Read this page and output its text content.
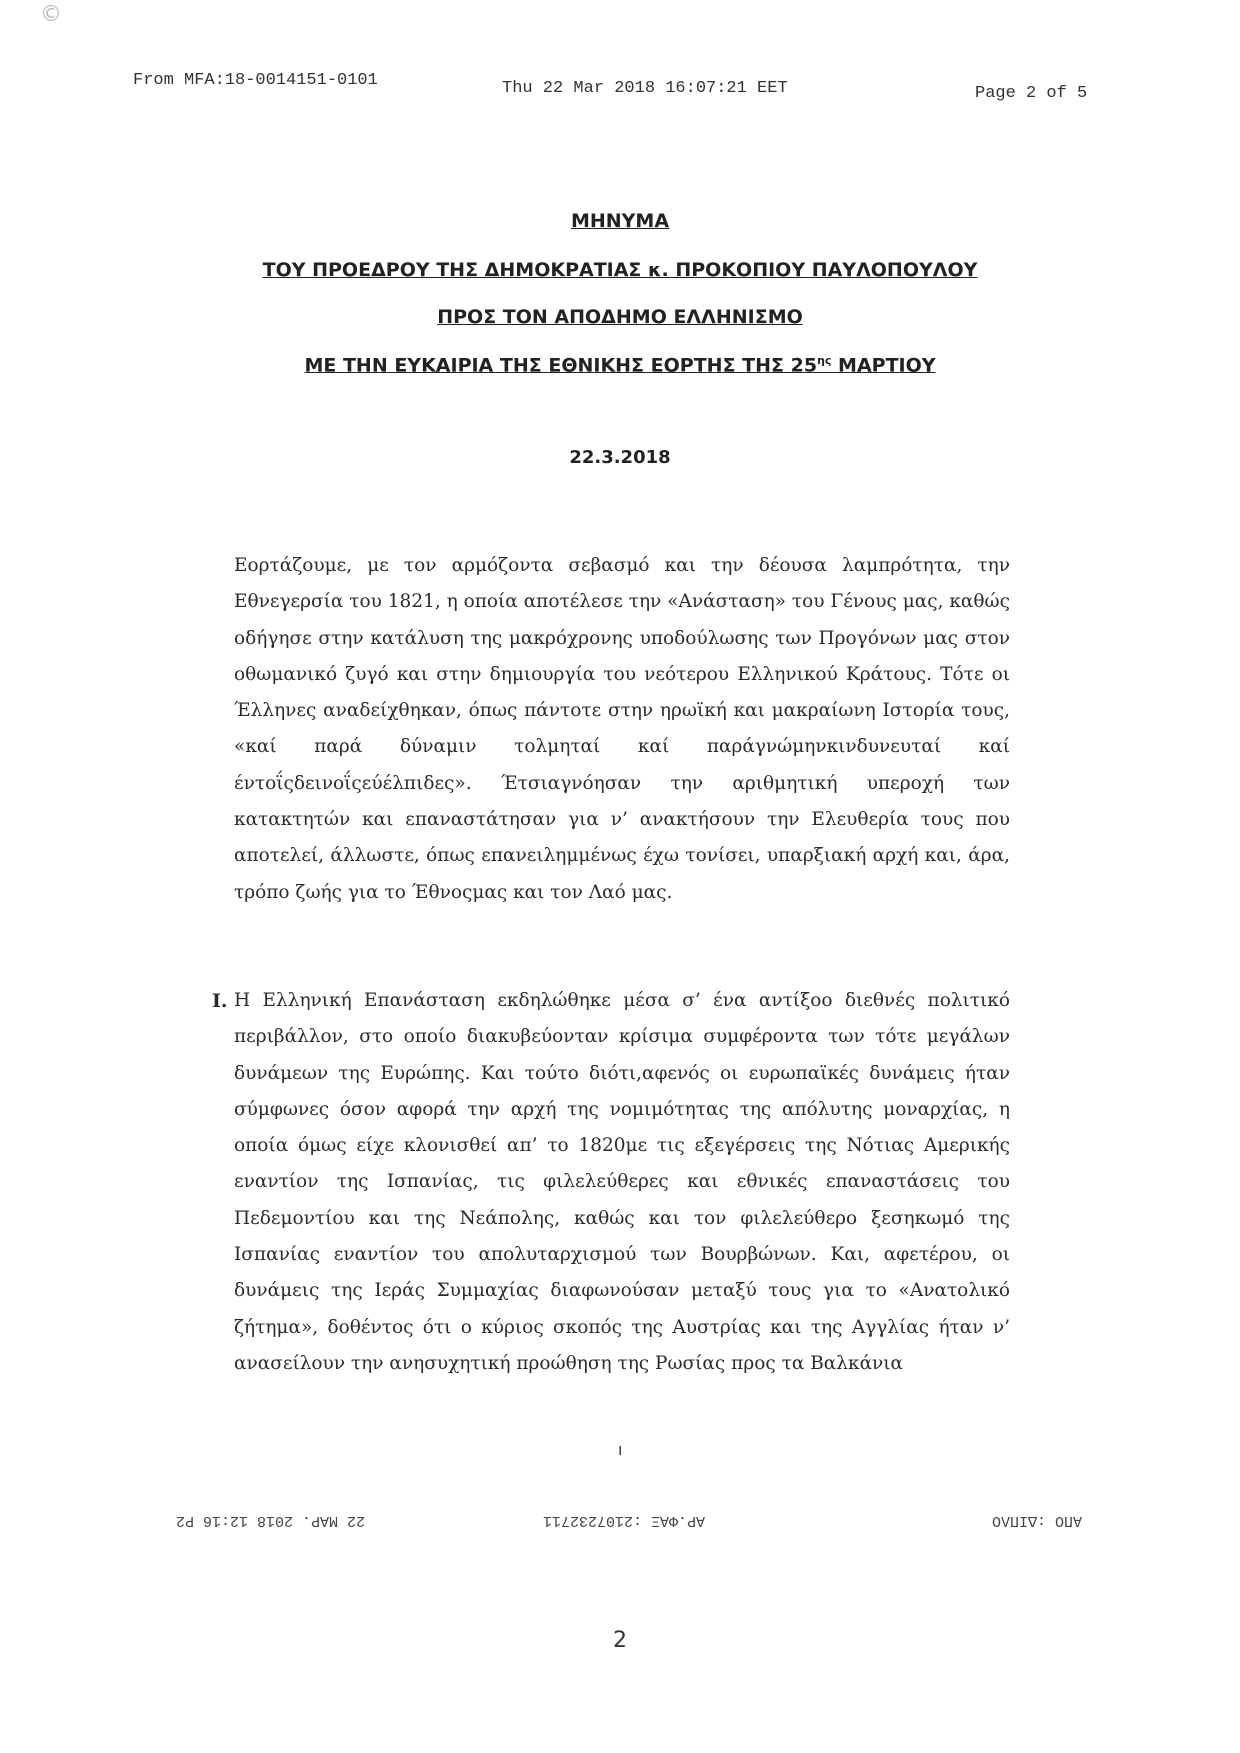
©
From MFA:18-0014151-0101	Thu 22 Mar 2018 16:07:21 EET	Page 2 of 5
ΜΗΝΥΜΑ
ΤΟΥ ΠΡΟΕΔΡΟΥ ΤΗΣ ΔΗΜΟΚΡΑΤΙΑΣ κ. ΠΡΟΚΟΠΙΟΥ ΠΑΥΛΟΠΟΥΛΟΥ
ΠΡΟΣ ΤΟΝ ΑΠΟΔΗΜΟ ΕΛΛΗΝΙΣΜΟ
ΜΕ ΤΗΝ ΕΥΚΑΙΡΙΑ ΤΗΣ ΕΘΝΙΚΗΣ ΕΟΡΤΗΣ ΤΗΣ $25^{\eta\varsigma}$ ΜΑΡΤΙΟΥ
22.3.2018

Εορτάζουμε, με τον αρμόζοντα σεβασμό και την δέουσα λαμπρότητα, την Εθνεγερσία του 1821, η οποία αποτέλεσε την «Ανάσταση» του Γένους μας, καθώς οδήγησε στην κατάλυση της μακρόχρονης υποδούλωσης των Προγόνων μας στον οθωμανικό ζυγό και στην δημιουργία του νεότερου Ελληνικού Κράτους. Τότε οι Έλληνες αναδείχθηκαν, όπως πάντοτε στην ηρωϊκή και μακραίωνη Ιστορία τους, «καί παρά δύναμιν τολμηταί καί παράγνώμηνκινδυνευταί καί έντοΐςδεινοΐςεύέλπιδες». Έτσιαγνόησαν την αριθμητική υπεροχή των κατακτητών και επαναστάτησαν για ν’ ανακτήσουν την Ελευθερία τους που αποτελεί, άλλωστε, όπως επανειλημμένως έχω τονίσει, υπαρξιακή αρχή και, άρα, τρόπο ζωής για το Έθνοςμας και τον Λαό μας.

I. Η Ελληνική Επανάσταση εκδηλώθηκε μέσα σ’ ένα αντίξοο διεθνές πολιτικό περιβάλλον, στο οποίο διακυβεύονταν κρίσιμα συμφέροντα των τότε μεγάλων δυνάμεων της Ευρώπης. Και τούτο διότι,αφενός οι ευρωπαϊκές δυνάμεις ήταν σύμφωνες όσον αφορά την αρχή της νομιμότητας της απόλυτης μοναρχίας, η οποία όμως είχε κλονισθεί απ’ το 1820με τις εξεγέρσεις της Νότιας Αμερικής εναντίον της Ισπανίας, τις φιλελεύθερες και εθνικές επαναστάσεις του Πεδεμοντίου και της Νεάπολης, καθώς και τον φιλελεύθερο ξεσηκωμό της Ισπανίας εναντίον του απολυταρχισμού των Βουρβώνων. Και, αφετέρου, οι δυνάμεις της Ιεράς Συμμαχίας διαφωνούσαν μεταξύ τους για το «Ανατολικό ζήτημα», δοθέντος ότι ο κύριος σκοπός της Αυστρίας και της Αγγλίας ήταν ν’ ανασείλουν την ανησυχητική προώθηση της Ρωσίας προς τα Βαλκάνια

ı
ΑΠΟ :ΔΙΠΛΟ
ΑΡ.ΦΑΞ :2107232711
22 ΜΑΡ. 2018 12:16 Ρ2
2
